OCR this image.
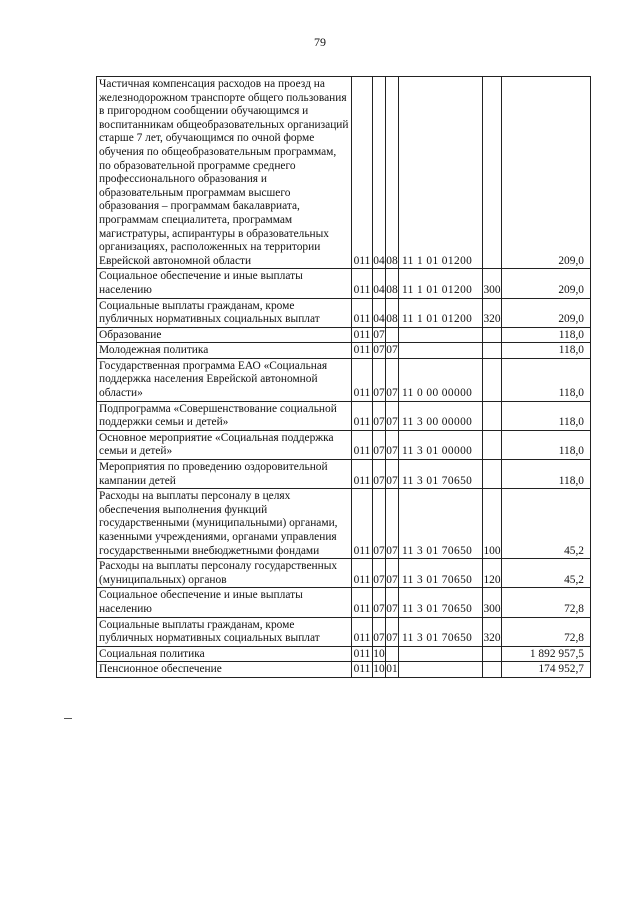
79
Частичная компенсация расходов на проезд на железнодорожном транспорте общего пользования в пригородном сообщении обучающимся и воспитанникам общеобразовательных организаций старше 7 лет, обучающимся по очной форме обучения по общеобразовательным программам, по образовательной программе среднего профессионального образования и образовательным программам высшего образования – программам бакалавриата, программам специалитета, программам магистратуры, аспирантуры в образовательных организациях, расположенных на территории Еврейской автономной области	011	04	08	11 1 01 01200		209,0
Социальное обеспечение и иные выплаты населению	011	04	08	11 1 01 01200	300	209,0
Социальные выплаты гражданам, кроме публичных нормативных социальных выплат	011	04	08	11 1 01 01200	320	209,0
Образование	011	07				118,0
Молодежная политика	011	07	07			118,0
Государственная программа ЕАО «Социальная поддержка населения Еврейской автономной области»	011	07	07	11 0 00 00000		118,0
Подпрограмма «Совершенствование социальной поддержки семьи и детей»	011	07	07	11 3 00 00000		118,0
Основное мероприятие «Социальная поддержка семьи и детей»	011	07	07	11 3 01 00000		118,0
Мероприятия по проведению оздоровительной кампании детей	011	07	07	11 3 01 70650		118,0
Расходы на выплаты персоналу в целях обеспечения выполнения функций государственными (муниципальными) органами, казенными учреждениями, органами управления государственными внебюджетными фондами	011	07	07	11 3 01 70650	100	45,2
Расходы на выплаты персоналу государственных (муниципальных) органов	011	07	07	11 3 01 70650	120	45,2
Социальное обеспечение и иные выплаты населению	011	07	07	11 3 01 70650	300	72,8
Социальные выплаты гражданам, кроме публичных нормативных социальных выплат	011	07	07	11 3 01 70650	320	72,8
Социальная политика	011	10				1 892 957,5
Пенсионное обеспечение	011	10	01			174 952,7
